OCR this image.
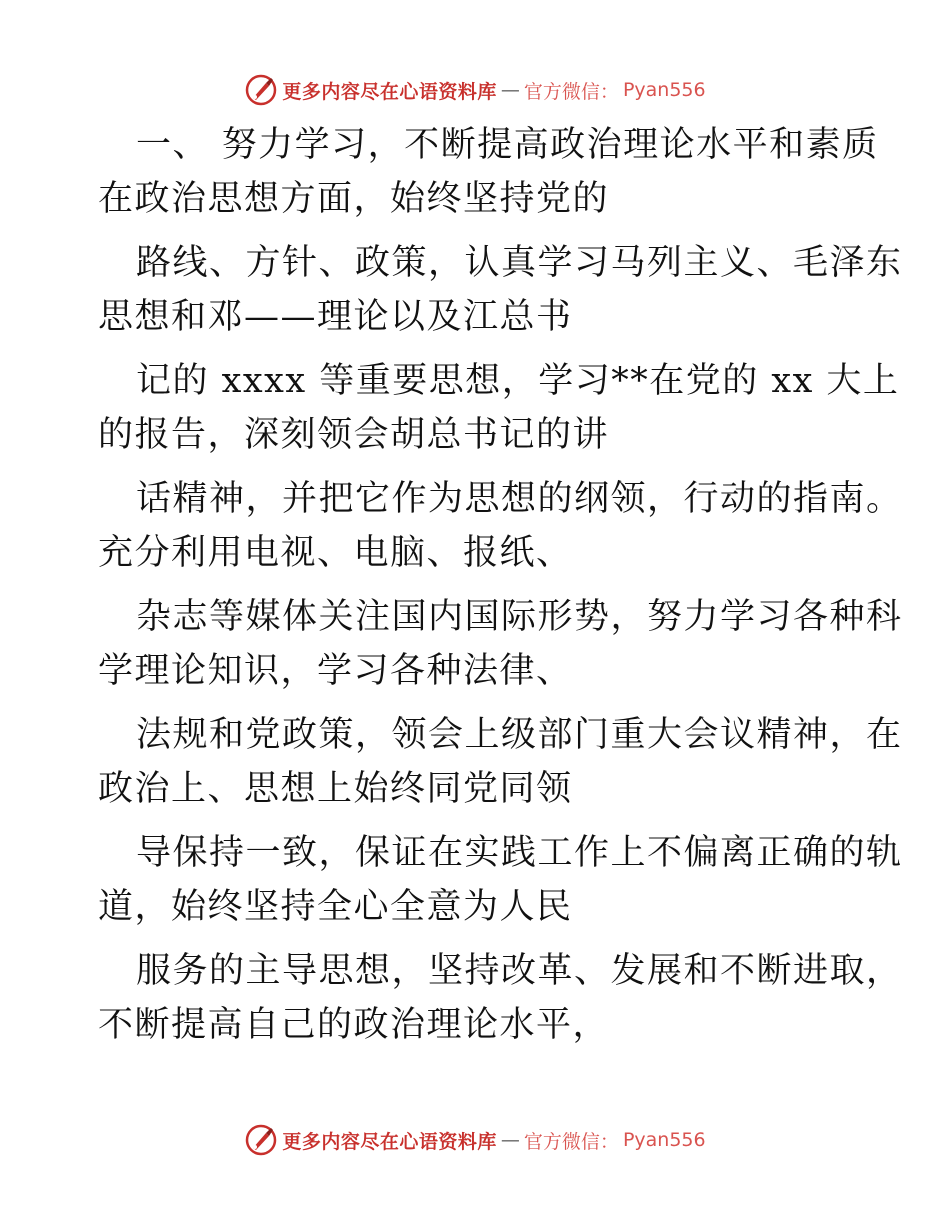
更多内容尽在心语资料库 — 官方微信： Pyan556
一、 努力学习，不断提高政治理论水平和素质
在政治思想方面，始终坚持党的
路线、方针、政策，认真学习马列主义、毛泽东
思想和邓——理论以及江总书
记的 xxxx 等重要思想，学习**在党的 xx 大上
的报告，深刻领会胡总书记的讲
话精神，并把它作为思想的纲领，行动的指南。
充分利用电视、电脑、报纸、
杂志等媒体关注国内国际形势，努力学习各种科
学理论知识，学习各种法律、
法规和党政策，领会上级部门重大会议精神，在
政治上、思想上始终同党同领
导保持一致，保证在实践工作上不偏离正确的轨
道，始终坚持全心全意为人民
服务的主导思想，坚持改革、发展和不断进取，
不断提高自己的政治理论水平，
更多内容尽在心语资料库 — 官方微信： Pyan556
